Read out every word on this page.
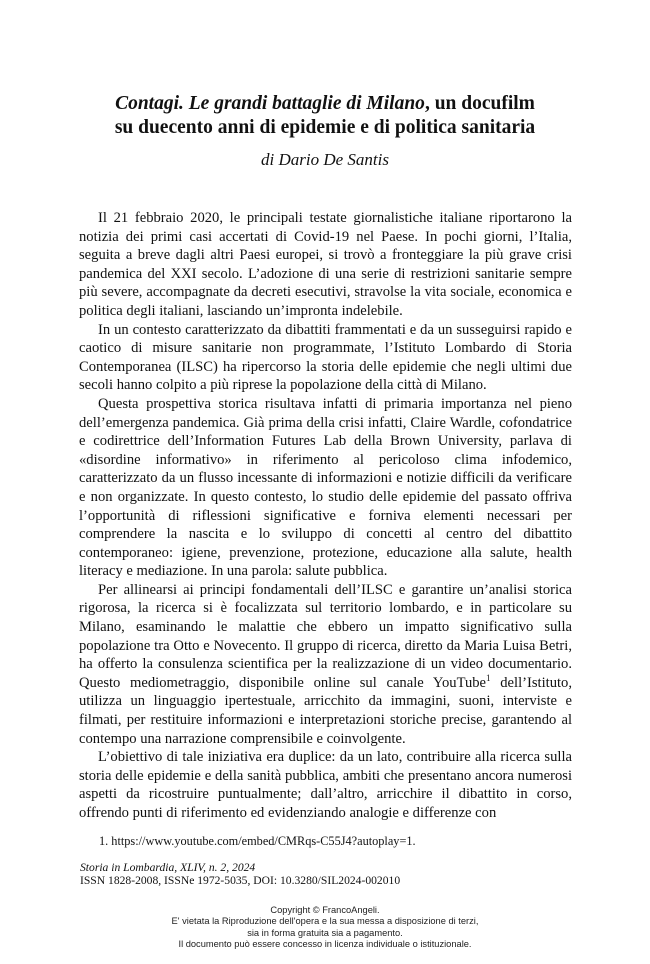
Contagi. Le grandi battaglie di Milano, un docufilm
su duecento anni di epidemie e di politica sanitaria
di Dario De Santis

Il 21 febbraio 2020, le principali testate giornalistiche italiane riportarono la notizia dei primi casi accertati di Covid-19 nel Paese. In pochi giorni, l’Italia, seguita a breve dagli altri Paesi europei, si trovò a fronteggiare la più grave crisi pandemica del XXI secolo. L’adozione di una serie di restrizioni sanitarie sempre più severe, accompagnate da decreti esecutivi, stravolse la vita sociale, economica e politica degli italiani, lasciando un’impronta indelebile.

In un contesto caratterizzato da dibattiti frammentati e da un susseguirsi rapido e caotico di misure sanitarie non programmate, l’Istituto Lombardo di Storia Contemporanea (ILSC) ha ripercorso la storia delle epidemie che negli ultimi due secoli hanno colpito a più riprese la popolazione della città di Milano.

Questa prospettiva storica risultava infatti di primaria importanza nel pieno dell’emergenza pandemica. Già prima della crisi infatti, Claire Wardle, cofondatrice e codirettrice dell’Information Futures Lab della Brown University, parlava di «disordine informativo» in riferimento al pericoloso clima infodemico, caratterizzato da un flusso incessante di informazioni e notizie difficili da verificare e non organizzate. In questo contesto, lo studio delle epidemie del passato offriva l’opportunità di riflessioni significative e forniva elementi necessari per comprendere la nascita e lo sviluppo di concetti al centro del dibattito contemporaneo: igiene, prevenzione, protezione, educazione alla salute, health literacy e mediazione. In una parola: salute pubblica.

Per allinearsi ai principi fondamentali dell’ILSC e garantire un’analisi storica rigorosa, la ricerca si è focalizzata sul territorio lombardo, e in particolare su Milano, esaminando le malattie che ebbero un impatto significativo sulla popolazione tra Otto e Novecento. Il gruppo di ricerca, diretto da Maria Luisa Betri, ha offerto la consulenza scientifica per la realizzazione di un video documentario. Questo mediometraggio, disponibile online sul canale YouTube$^1$ dell’Istituto, utilizza un linguaggio ipertestuale, arricchito da immagini, suoni, interviste e filmati, per restituire informazioni e interpretazioni storiche precise, garantendo al contempo una narrazione comprensibile e coinvolgente.

L’obiettivo di tale iniziativa era duplice: da un lato, contribuire alla ricerca sulla storia delle epidemie e della sanità pubblica, ambiti che presentano ancora numerosi aspetti da ricostruire puntualmente; dall’altro, arricchire il dibattito in corso, offrendo punti di riferimento ed evidenziando analogie e differenze con

1. https://www.youtube.com/embed/CMRqs-C55J4?autoplay=1.
Storia in Lombardia, XLIV, n. 2, 2024
ISSN 1828-2008, ISSNe 1972-5035, DOI: 10.3280/SIL2024-002010
Copyright © FrancoAngeli.
E' vietata la Riproduzione dell'opera e la sua messa a disposizione di terzi,
sia in forma gratuita sia a pagamento.
Il documento può essere concesso in licenza individuale o istituzionale.
